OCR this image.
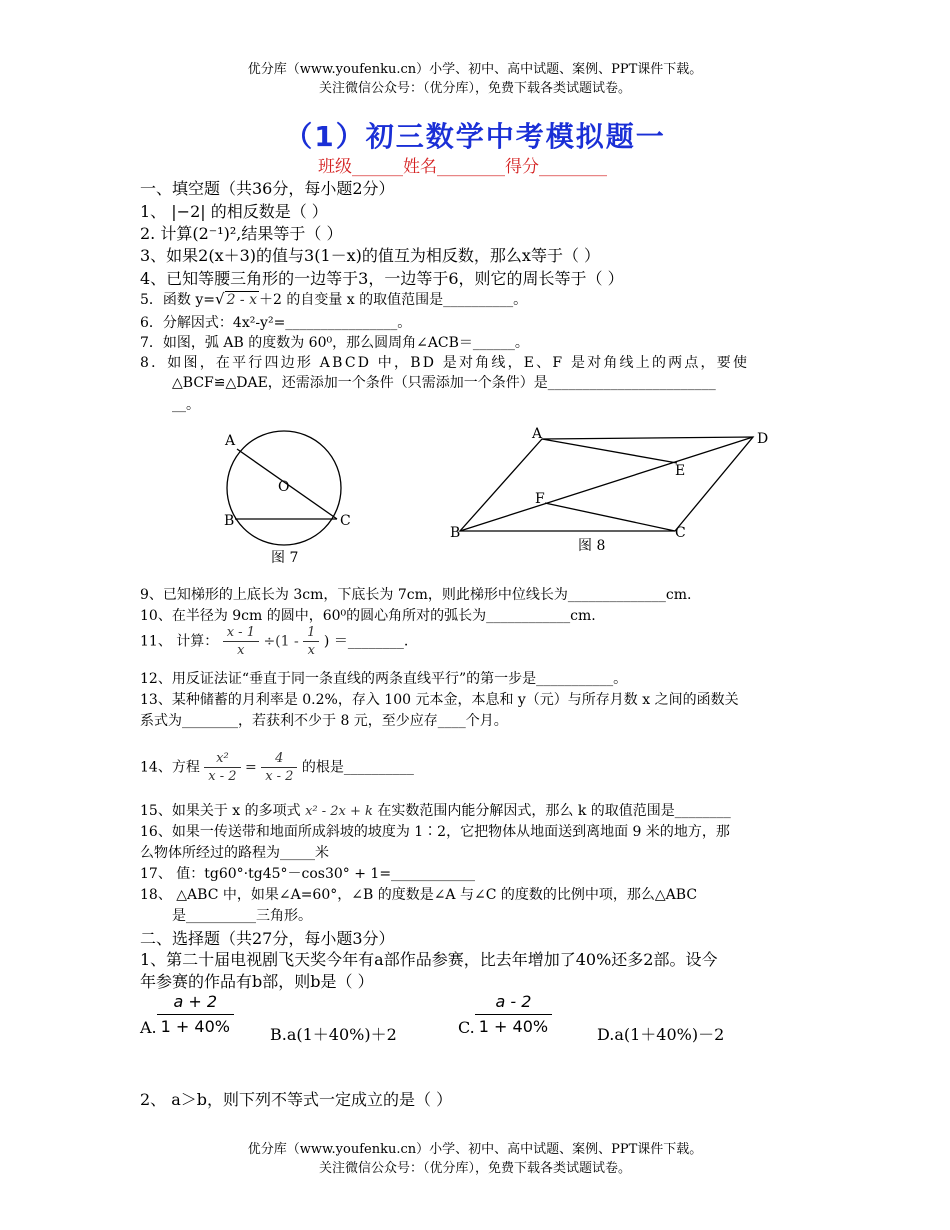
优分库（www.youfenku.cn）小学、初中、高中试题、案例、PPT课件下载。
关注微信公众号：（优分库），免费下载各类试题试卷。
（1）初三数学中考模拟题一
班级______姓名________得分________
一、填空题（共36分，每小题2分）
1、 |−2| 的相反数是（ ）
2. 计算(2⁻¹)²,结果等于（ ）
3、如果2(x＋3)的值与3(1－x)的值互为相反数，那么x等于（ ）
4、已知等腰三角形的一边等于3，一边等于6，则它的周长等于（ ）
5．函数 y=√ 2 - x ＋2 的自变量 x 的取值范围是__________。
6．分解因式：4x²-y²=________________。
7．如图，弧 AB 的度数为 60⁰，那么圆周角∠ACB＝______。
8．如图，在平行四边形 ABCD 中，BD 是对角线，E、F 是对角线上的两点，要使
△BCF≌△DAE，还需添加一个条件（只需添加一个条件）是________________________
__。
A
O
B	C
图 7
A	D
E
F
B	C
图 8
9、已知梯形的上底长为 3cm，下底长为 7cm，则此梯形中位线长为______________cm.
10、在半径为 9cm 的圆中，60⁰的圆心角所对的弧长为____________cm.
11、 计算： $\frac{x - 1}{x} \div(1 - \frac{1}{x}$ ) ＝________.
12、用反证法证“垂直于同一条直线的两条直线平行”的第一步是___________。
13、某种储蓄的月利率是 0.2%，存入 100 元本金，本息和 y（元）与所存月数 x 之间的函数关
系式为________，若获利不少于 8 元，至少应存____个月。
14、方程 $\frac{\text{x²}}{x - 2} = \frac{4}{x - 2}$ 的根是__________
15、如果关于 x 的多项式 x² - 2x + k 在实数范围内能分解因式，那么 k 的取值范围是________
16、如果一传送带和地面所成斜坡的坡度为 1∶2，它把物体从地面送到离地面 9 米的地方，那
么物体所经过的路程为_____米
17、 值：tg60°·tg45°－cos30° + 1=____________
18、 △ABC 中，如果∠A=60°，∠B 的度数是∠A 与∠C 的度数的比例中项，那么△ABC
是__________三角形。
二、选择题（共27分，每小题3分）
1、第二十届电视剧飞天奖今年有a部作品参赛，比去年增加了40%还多2部。设今
年参赛的作品有b部，则b是（ ）
A. $\frac{a + 2}{1 + 40\%} B.a(1+40\%)+2$	C. $\frac{a - 2}{1 + 40\%}$	D.a(1＋40%)－2
2、 a＞b，则下列不等式一定成立的是（ ）
优分库（www.youfenku.cn）小学、初中、高中试题、案例、PPT课件下载。
关注微信公众号：（优分库），免费下载各类试题试卷。
